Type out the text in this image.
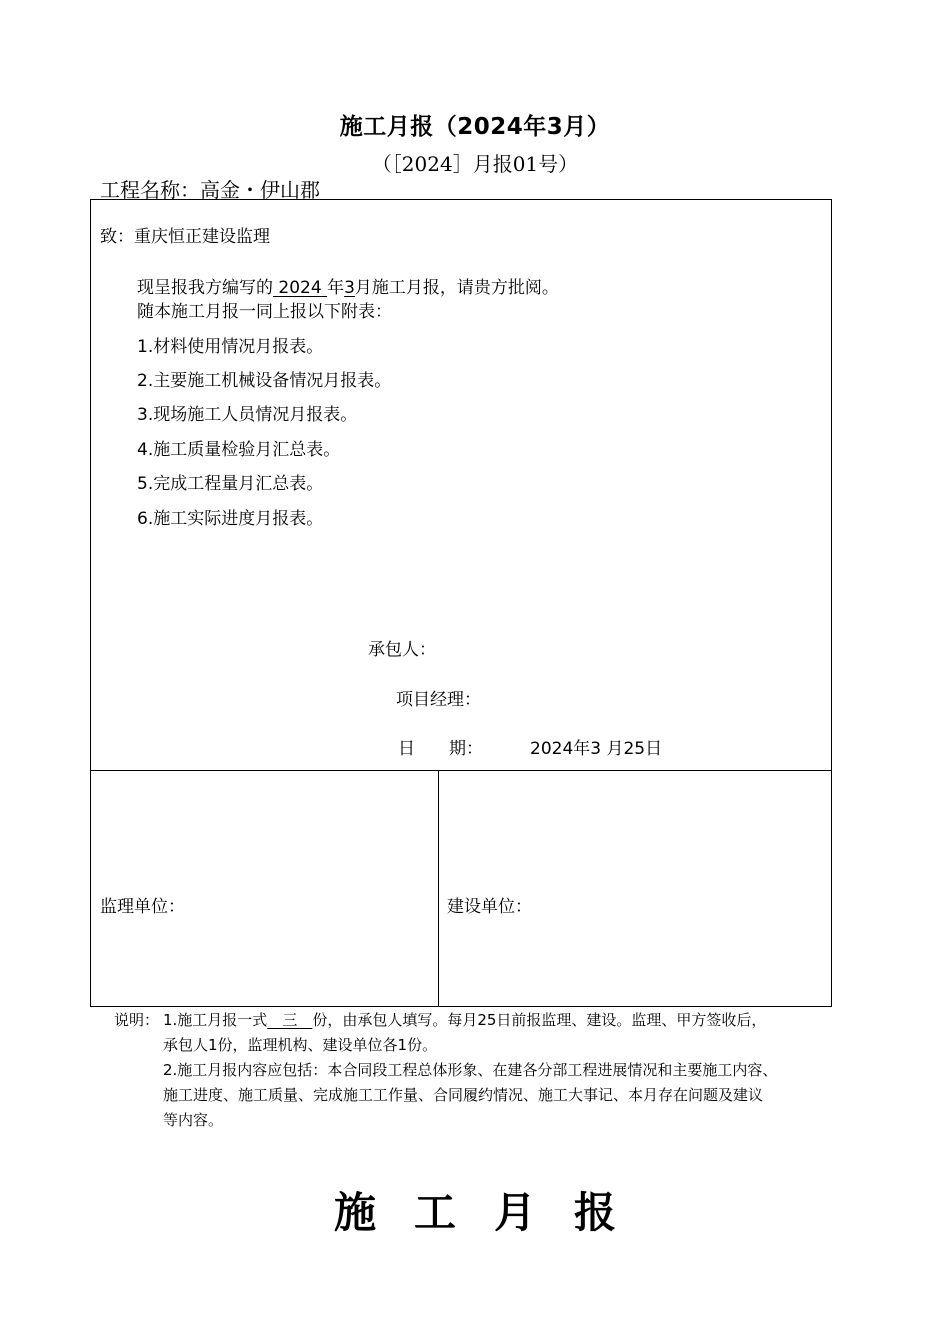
施工月报（2024年3月）
（［2024］月报01号）
工程名称：高金・伊山郡
致：重庆恒正建设监理
现呈报我方编写的 2024 年3月施工月报，请贵方批阅。
随本施工月报一同上报以下附表：
1.材料使用情况月报表。
2.主要施工机械设备情况月报表。
3.现场施工人员情况月报表。
4.施工质量检验月汇总表。
5.完成工程量月汇总表。
6.施工实际进度月报表。
承包人：
项目经理：
日　　期：	2024年3 月25日
监理单位：	建设单位：
说明： 1.施工月报一式　三　份，由承包人填写。每月25日前报监理、建设。监理、甲方签收后，
承包人1份，监理机构、建设单位各1份。
2.施工月报内容应包括：本合同段工程总体形象、在建各分部工程进展情况和主要施工内容、
施工进度、施工质量、完成施工工作量、合同履约情况、施工大事记、本月存在问题及建议
等内容。
施工月报
